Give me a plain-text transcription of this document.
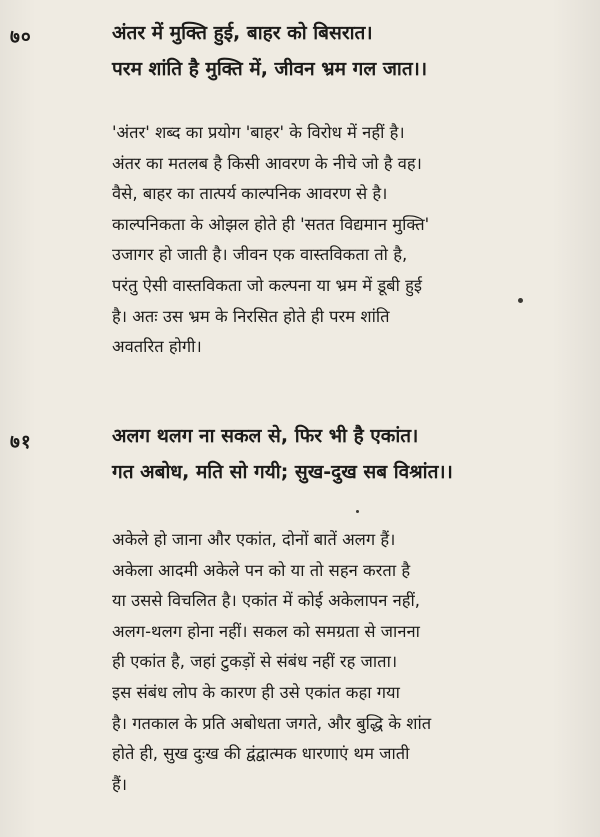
७०	अंतर में मुक्ति हुई, बाहर को बिसरात।
परम शांति है मुक्ति में, जीवन भ्रम गल जात।।
'अंतर' शब्द का प्रयोग 'बाहर' के विरोध में नहीं है।
अंतर का मतलब है किसी आवरण के नीचे जो है वह।
वैसे, बाहर का तात्पर्य काल्पनिक आवरण से है।
काल्पनिकता के ओझल होते ही 'सतत विद्यमान मुक्ति'
उजागर हो जाती है। जीवन एक वास्तविकता तो है,
परंतु ऐसी वास्तविकता जो कल्पना या भ्रम में डूबी हुई
है। अतः उस भ्रम के निरसित होते ही परम शांति
अवतरित होगी।
७१	अलग थलग ना सकल से, फिर भी है एकांत।
गत अबोध, मति सो गयी; सुख-दुख सब विश्रांत।।
अकेले हो जाना और एकांत, दोनों बातें अलग हैं।
अकेला आदमी अकेले पन को या तो सहन करता है
या उससे विचलित है। एकांत में कोई अकेलापन नहीं,
अलग-थलग होना नहीं। सकल को समग्रता से जानना
ही एकांत है, जहां टुकड़ों से संबंध नहीं रह जाता।
इस संबंध लोप के कारण ही उसे एकांत कहा गया
है। गतकाल के प्रति अबोधता जगते, और बुद्धि के शांत
होते ही, सुख दुःख की द्वंद्वात्मक धारणाएं थम जाती
हैं।
